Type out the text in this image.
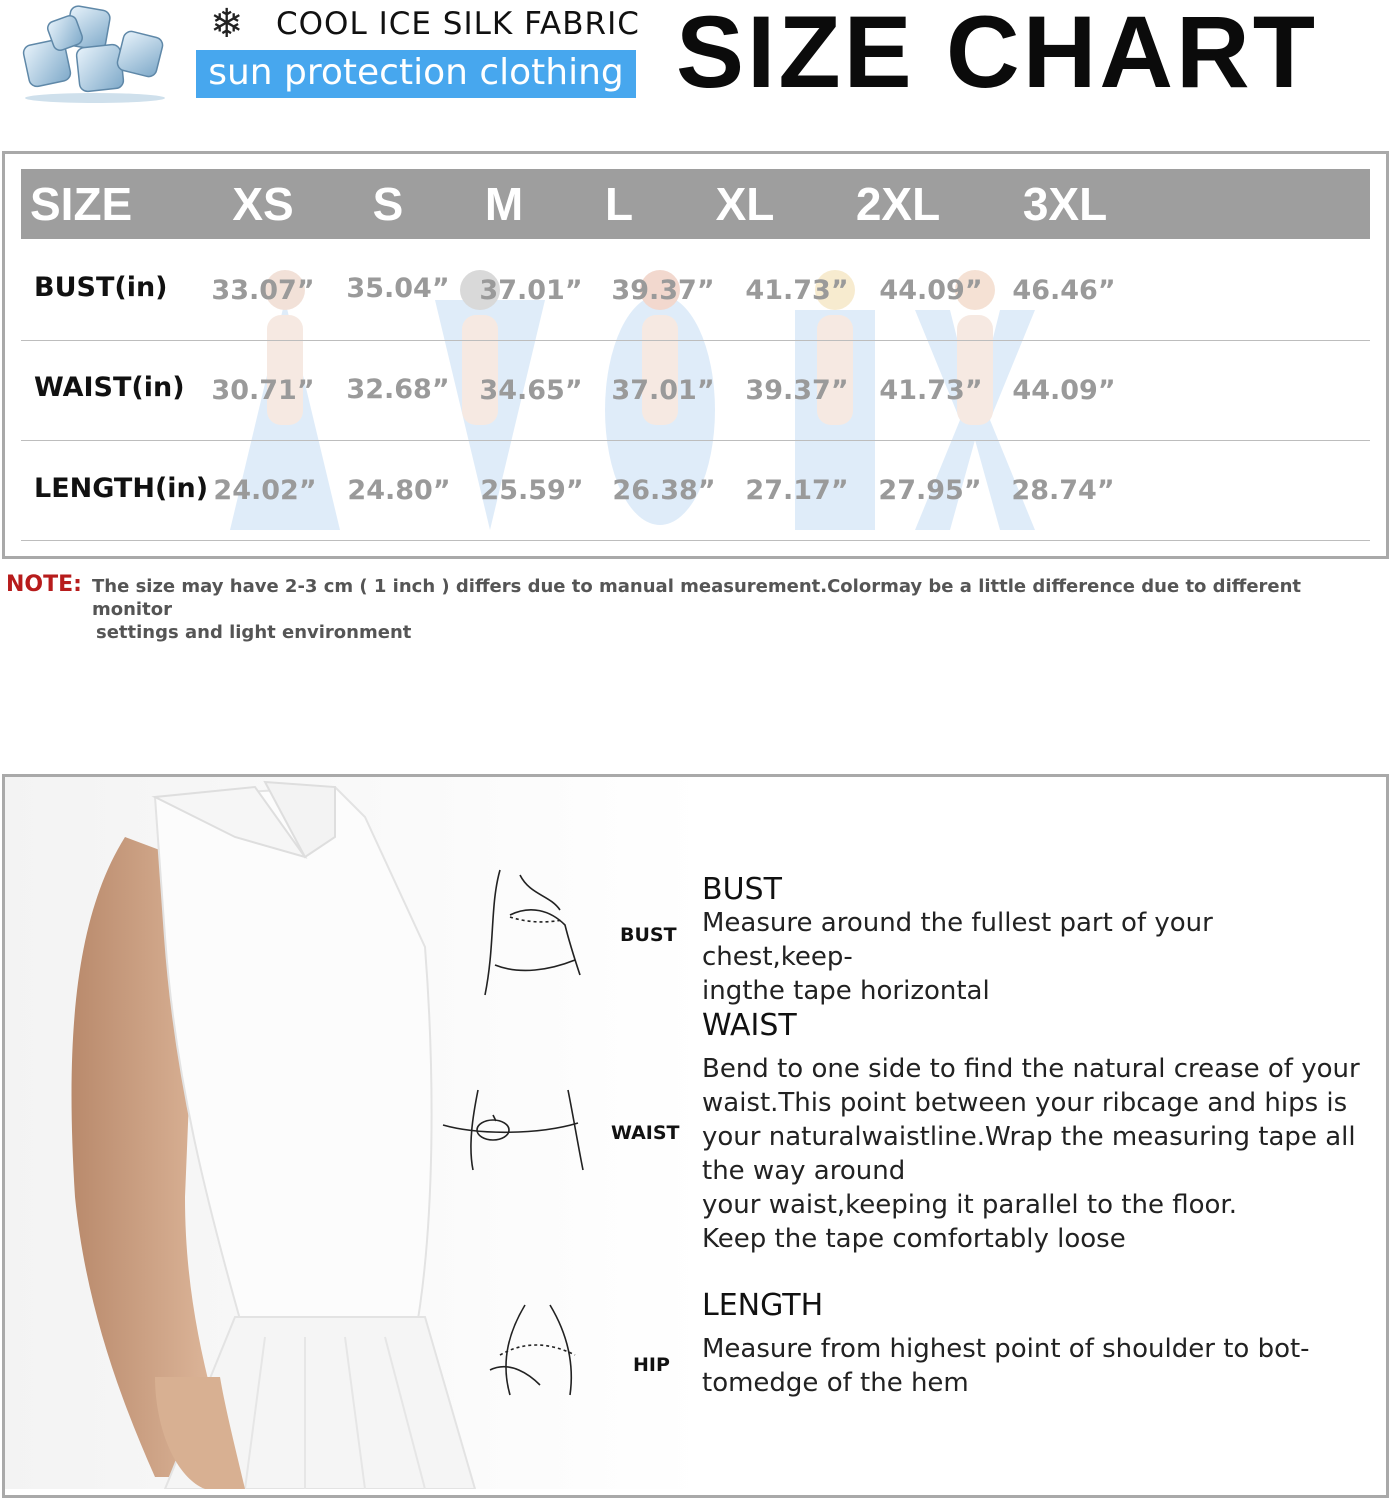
❄ COOL ICE SILK FABRIC
sun protection clothing SIZE CHART
SIZE	XS	S	M	L	XL	2XL	3XL
BUST(in) 33.07” 35.04” 37.01” 39.37” 41.73” 44.09” 46.46”
WAIST(in) 30.71” 32.68” 34.65” 37.01” 39.37” 41.73” 44.09”
LENGTH(in) 24.02” 24.80” 25.59” 26.38” 27.17” 27.95” 28.74”
NOTE: The size may have 2-3 cm ( 1 inch ) differs due to manual measurement.Colormay be a little difference due to different monitor
settings and light environment
BUST
WAIST
HIP
BUST
Measure around the fullest part of your chest,keep-
ingthe tape horizontal
WAIST
Bend to one side to find the natural crease of your
waist.This point between your ribcage and hips is
your naturalwaistline.Wrap the measuring tape all
the way around
your waist,keeping it parallel to the floor.
Keep the tape comfortably loose
LENGTH
Measure from highest point of shoulder to bot-
tomedge of the hem
